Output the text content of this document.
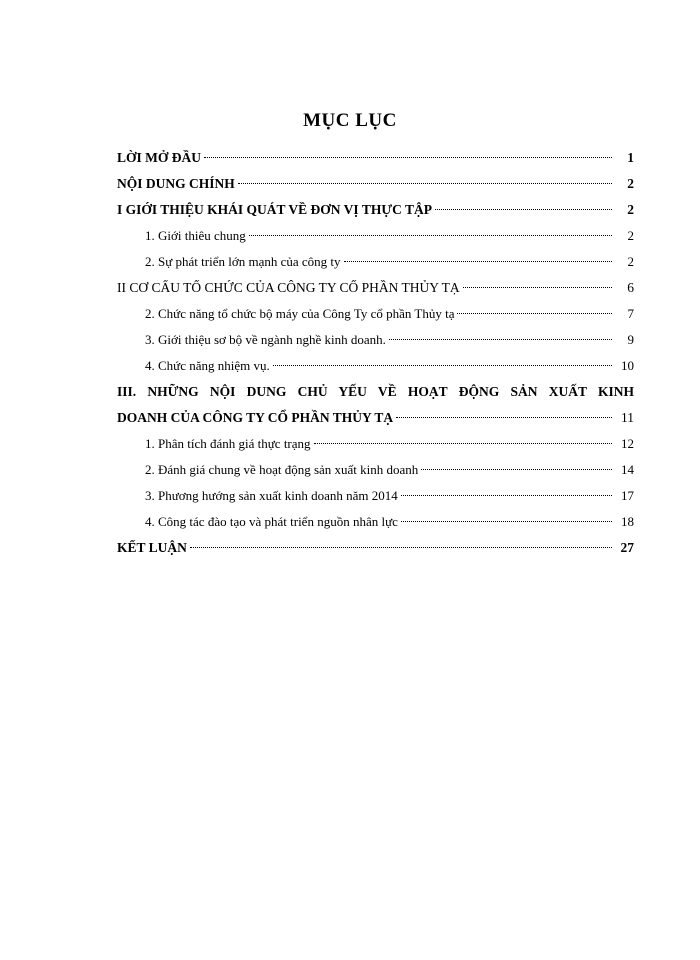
MỤC LỤC
LỜI MỞ ĐẦU	1
NỘI DUNG CHÍNH	2
I GIỚI THIỆU KHÁI QUÁT VỀ ĐƠN VỊ THỰC TẬP	2
1. Giới thiêu chung	2
2. Sự phát triển lớn mạnh của công ty	2
II CƠ CẤU TỔ CHỨC CỦA CÔNG TY CỔ PHẦN THỦY TẠ	6
2. Chức năng tổ chức bộ máy của Công Ty cổ phần Thủy tạ	7
3. Giới thiệu sơ bộ về ngành nghề kinh doanh.	9
4. Chức năng nhiệm vụ.	10
III. NHỮNG NỘI DUNG CHỦ YẾU VỀ HOẠT ĐỘNG SẢN XUẤT KINH
DOANH CỦA CÔNG TY CỔ PHẦN THỦY TẠ	11
1. Phân tích đánh giá thực trạng	12
2. Đánh giá chung về hoạt động sản xuất kinh doanh	14
3. Phương hướng sản xuất kinh doanh năm 2014	17
4. Công tác đào tạo và phát triển nguồn nhân lực	18
KẾT LUẬN	27
